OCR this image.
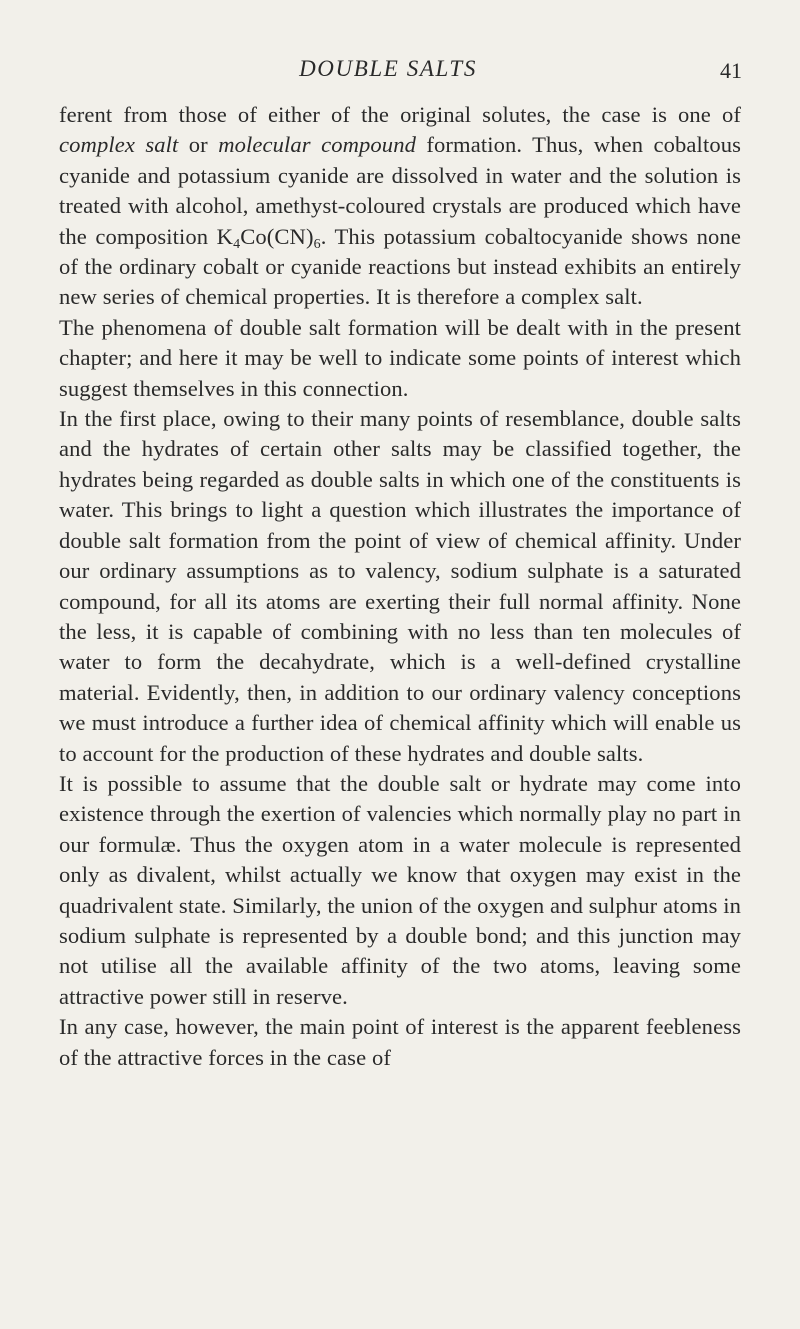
DOUBLE SALTS	41

ferent from those of either of the original solutes, the case is one of complex salt or molecular compound formation. Thus, when cobaltous cyanide and potassium cyanide are dissolved in water and the solution is treated with alcohol, amethyst-coloured crystals are produced which have the composition $K_4Co(CN)_6$. This potassium cobaltocyanide shows none of the ordinary cobalt or cyanide reactions but instead exhibits an entirely new series of chemical properties. It is therefore a complex salt.

The phenomena of double salt formation will be dealt with in the present chapter; and here it may be well to indicate some points of interest which suggest themselves in this connection.

In the first place, owing to their many points of resemblance, double salts and the hydrates of certain other salts may be classified together, the hydrates being regarded as double salts in which one of the constituents is water. This brings to light a question which illustrates the importance of double salt formation from the point of view of chemical affinity. Under our ordinary assumptions as to valency, sodium sulphate is a saturated compound, for all its atoms are exerting their full normal affinity. None the less, it is capable of combining with no less than ten molecules of water to form the decahydrate, which is a well-defined crystalline material. Evidently, then, in addition to our ordinary valency conceptions we must introduce a further idea of chemical affinity which will enable us to account for the production of these hydrates and double salts.

It is possible to assume that the double salt or hydrate may come into existence through the exertion of valencies which normally play no part in our formulæ. Thus the oxygen atom in a water molecule is represented only as divalent, whilst actually we know that oxygen may exist in the quadrivalent state. Similarly, the union of the oxygen and sulphur atoms in sodium sulphate is represented by a double bond; and this junction may not utilise all the available affinity of the two atoms, leaving some attractive power still in reserve.

In any case, however, the main point of interest is the apparent feebleness of the attractive forces in the case of
